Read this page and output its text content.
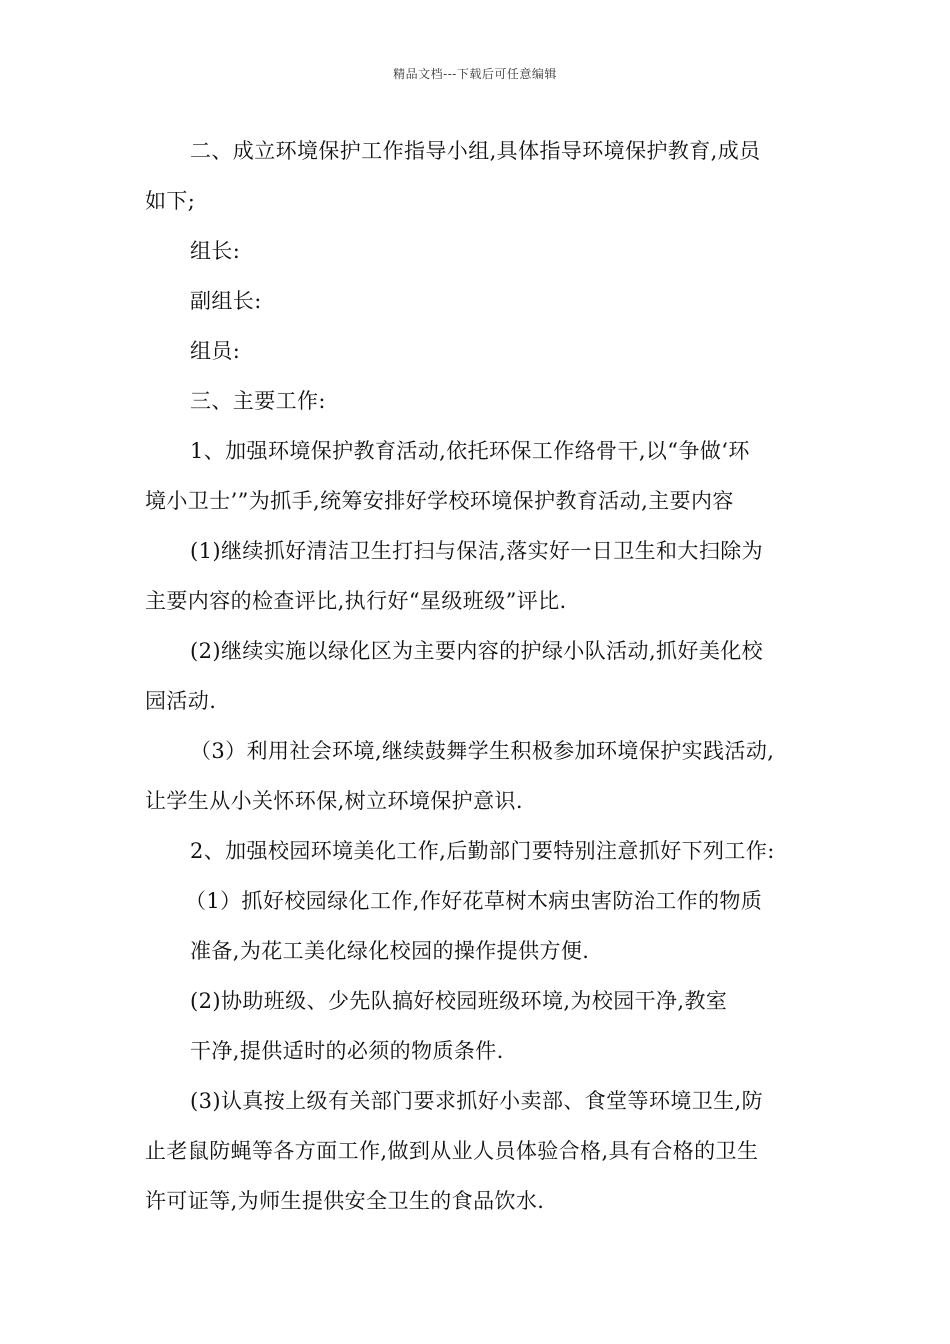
精品文档---下载后可任意编辑
二、成立环境保护工作指导小组,具体指导环境保护教育,成员
如下;
组长:
副组长:
组员:
三、主要工作:
1、加强环境保护教育活动,依托环保工作络骨干,以“争做‘环
境小卫士’”为抓手,统筹安排好学校环境保护教育活动,主要内容
(1)继续抓好清洁卫生打扫与保洁,落实好一日卫生和大扫除为
主要内容的检查评比,执行好“星级班级”评比.
(2)继续实施以绿化区为主要内容的护绿小队活动,抓好美化校
园活动.
（3）利用社会环境,继续鼓舞学生积极参加环境保护实践活动,
让学生从小关怀环保,树立环境保护意识.
2、加强校园环境美化工作,后勤部门要特别注意抓好下列工作:
（1）抓好校园绿化工作,作好花草树木病虫害防治工作的物质
准备,为花工美化绿化校园的操作提供方便.
(2)协助班级、少先队搞好校园班级环境,为校园干净,教室
干净,提供适时的必须的物质条件.
(3)认真按上级有关部门要求抓好小卖部、食堂等环境卫生,防
止老鼠防蝇等各方面工作,做到从业人员体验合格,具有合格的卫生
许可证等,为师生提供安全卫生的食品饮水.
